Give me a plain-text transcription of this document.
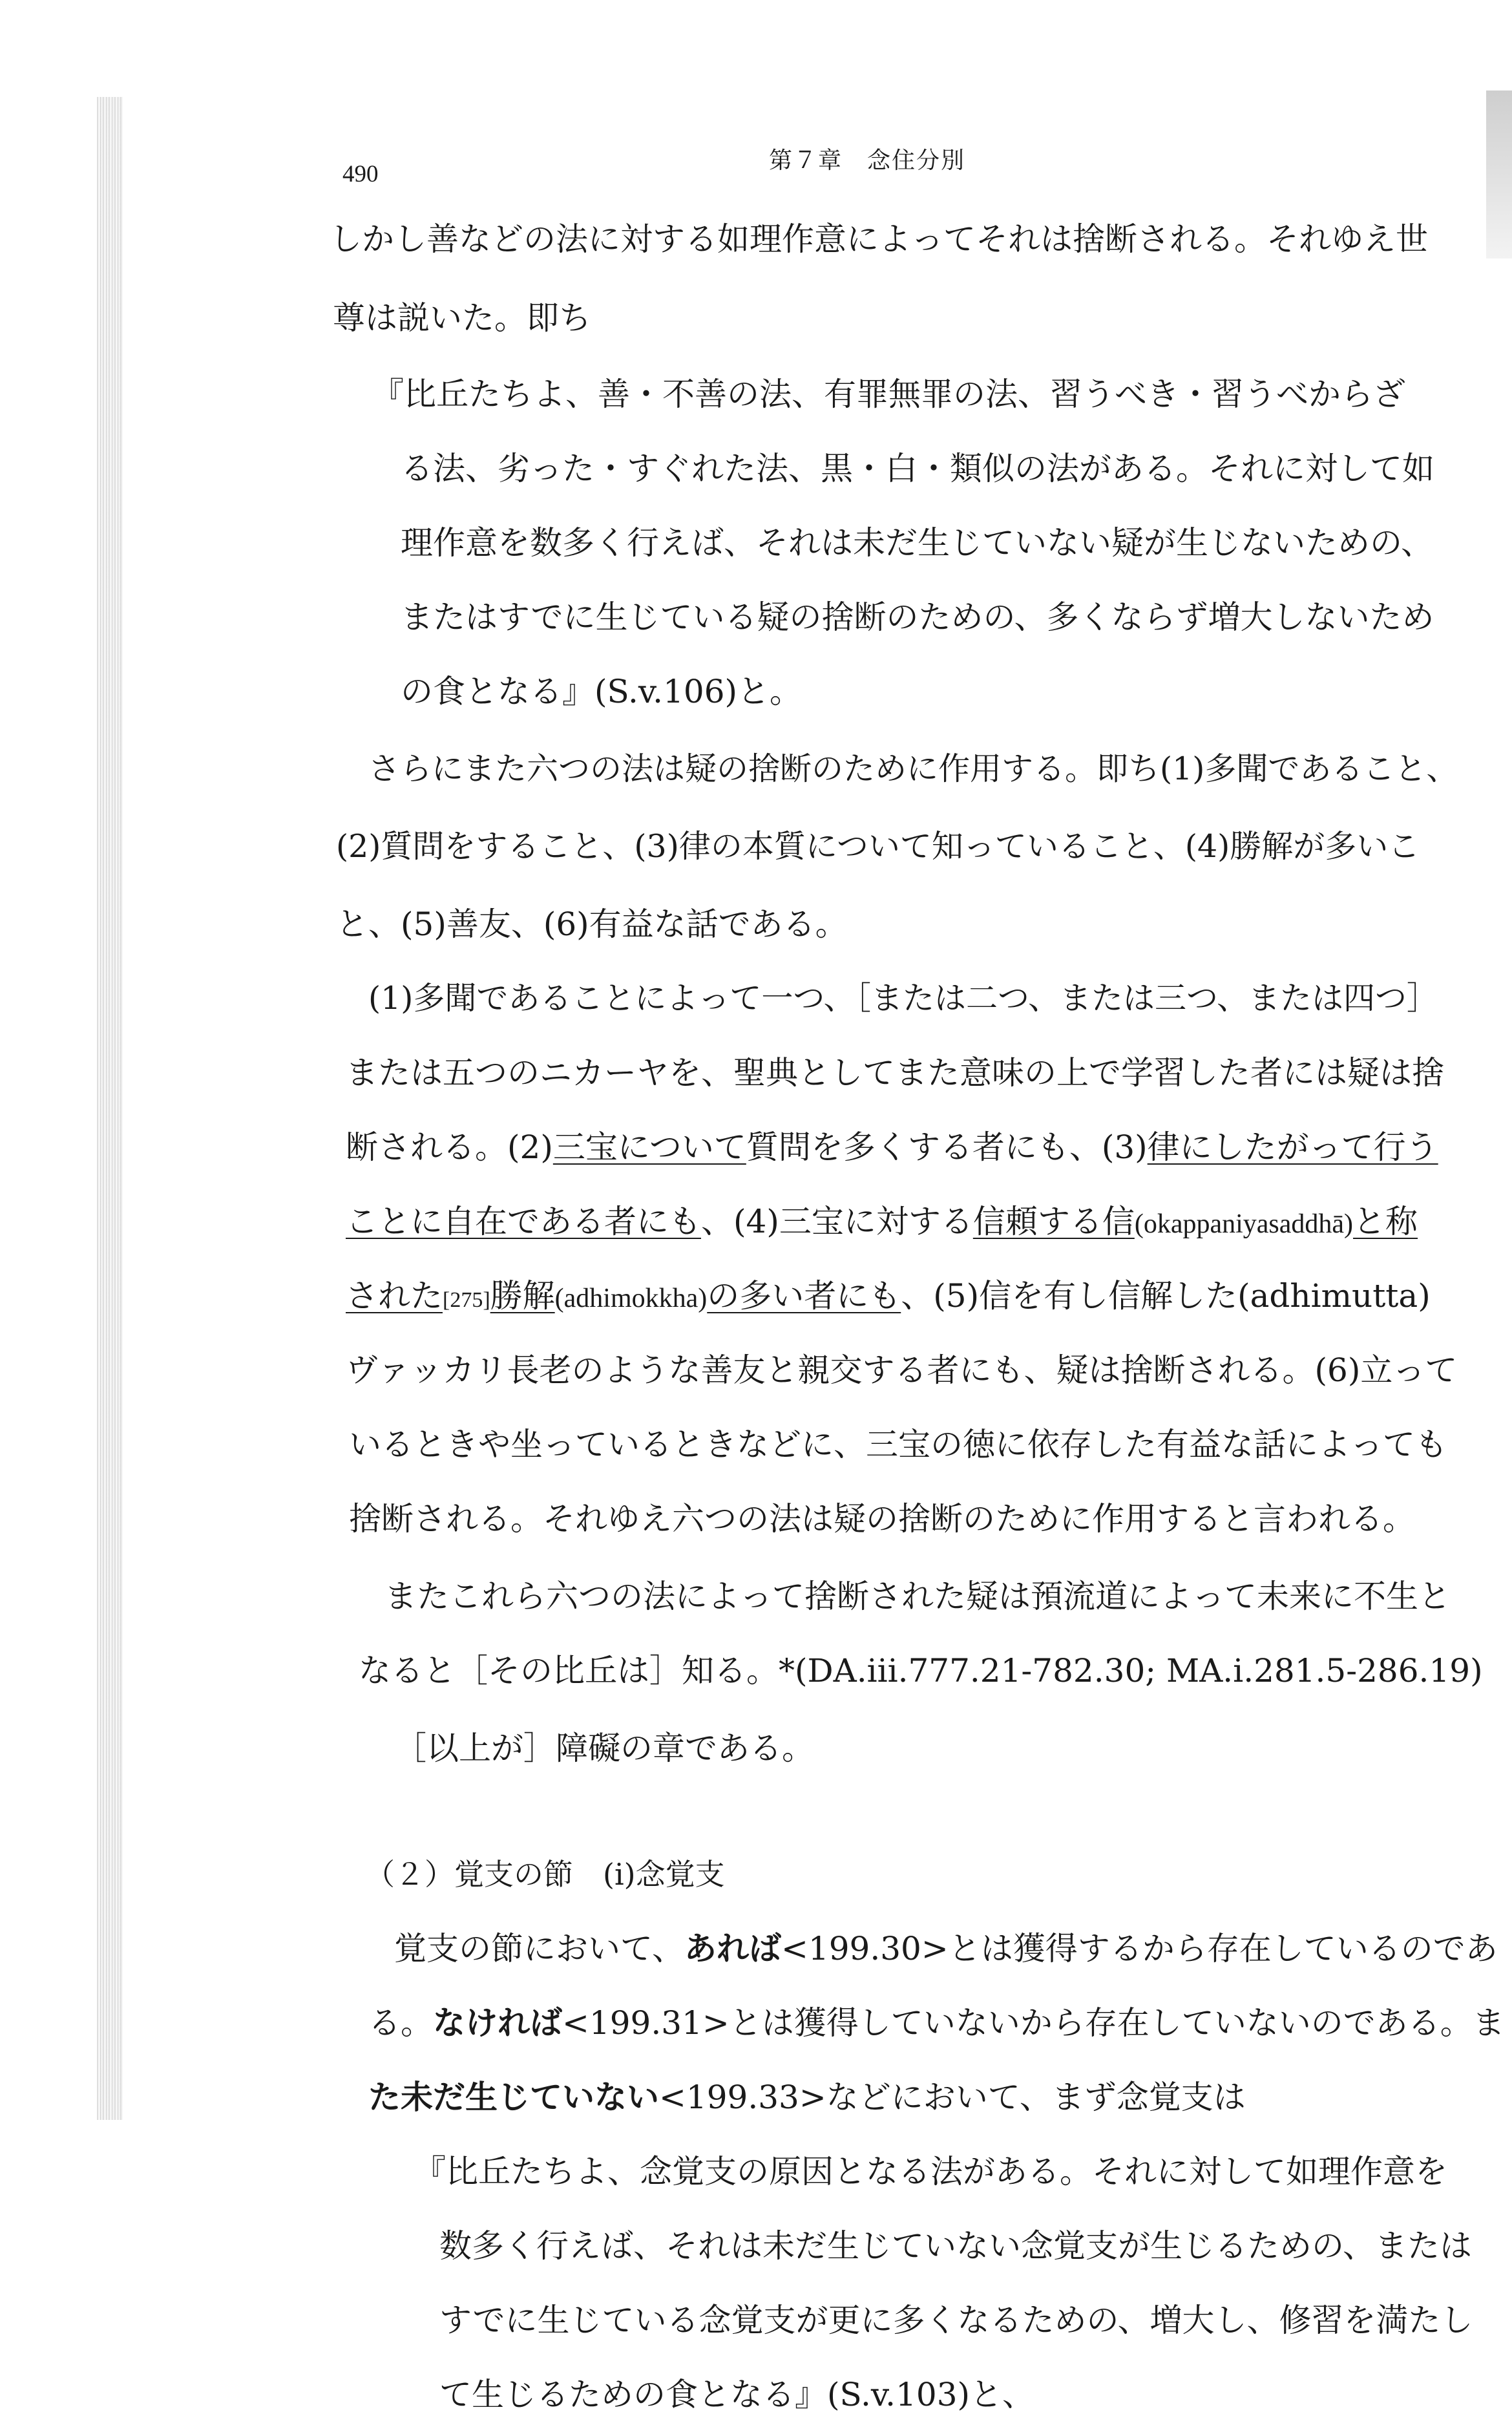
490
第７章　念住分別
しかし善などの法に対する如理作意によってそれは捨断される。それゆえ世
尊は説いた。即ち
『比丘たちよ、善・不善の法、有罪無罪の法、習うべき・習うべからざ
る法、劣った・すぐれた法、黒・白・類似の法がある。それに対して如
理作意を数多く行えば、それは未だ生じていない疑が生じないための、
またはすでに生じている疑の捨断のための、多くならず増大しないため
の食となる』(S.v.106)と。
さらにまた六つの法は疑の捨断のために作用する。即ち(1)多聞であること、
(2)質問をすること、(3)律の本質について知っていること、(4)勝解が多いこ
と、(5)善友、(6)有益な話である。
(1)多聞であることによって一つ、［または二つ、または三つ、または四つ］
または五つのニカーヤを、聖典としてまた意味の上で学習した者には疑は捨
断される。(2)三宝について質問を多くする者にも、(3)律にしたがって行う
ことに自在である者にも、(4)三宝に対する信頼する信(okappaniyasaddhā)と称
された[275]勝解(adhimokkha)の多い者にも、(5)信を有し信解した(adhimutta)
ヴァッカリ長老のような善友と親交する者にも、疑は捨断される。(6)立って
いるときや坐っているときなどに、三宝の徳に依存した有益な話によっても
捨断される。それゆえ六つの法は疑の捨断のために作用すると言われる。
またこれら六つの法によって捨断された疑は預流道によって未来に不生と
なると［その比丘は］知る。*(DA.iii.777.21-782.30; MA.i.281.5-286.19)
［以上が］障礙の章である。
（２）覚支の節　(i)念覚支
覚支の節において、あれば<199.30>とは獲得するから存在しているのであ
る。なければ<199.31>とは獲得していないから存在していないのである。ま
た未だ生じていない<199.33>などにおいて、まず念覚支は
『比丘たちよ、念覚支の原因となる法がある。それに対して如理作意を
数多く行えば、それは未だ生じていない念覚支が生じるための、または
すでに生じている念覚支が更に多くなるための、増大し、修習を満たし
て生じるための食となる』(S.v.103)と、
